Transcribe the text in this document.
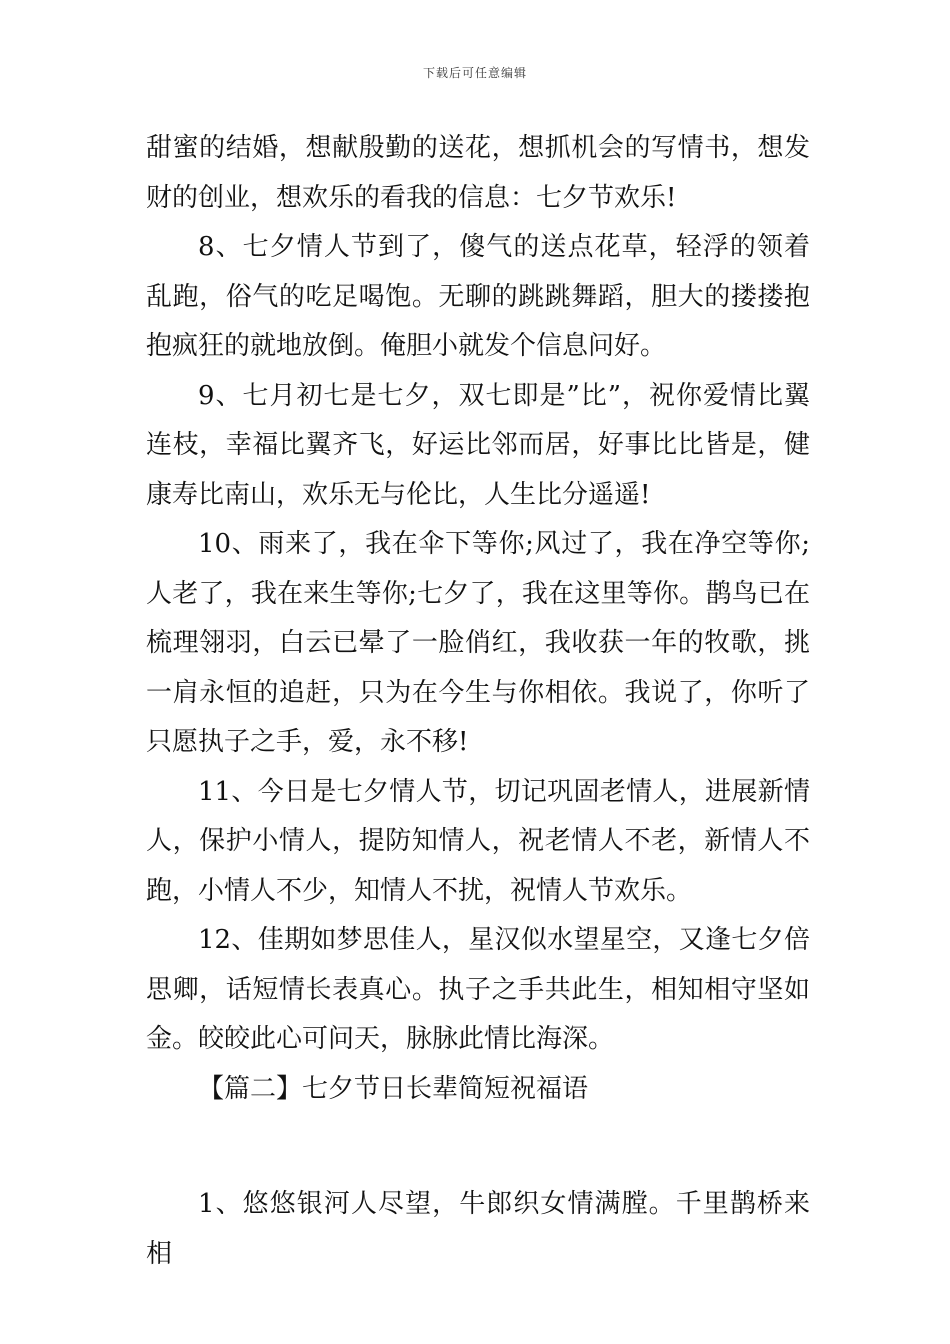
下载后可任意编辑

甜蜜的结婚，想献殷勤的送花，想抓机会的写情书，想发财的创业，想欢乐的看我的信息：七夕节欢乐!

8、七夕情人节到了，傻气的送点花草，轻浮的领着乱跑，俗气的吃足喝饱。无聊的跳跳舞蹈，胆大的搂搂抱抱疯狂的就地放倒。俺胆小就发个信息问好。

9、七月初七是七夕，双七即是”比”，祝你爱情比翼连枝，幸福比翼齐飞，好运比邻而居，好事比比皆是，健康寿比南山，欢乐无与伦比，人生比分遥遥!

10、雨来了，我在伞下等你;风过了，我在净空等你;人老了，我在来生等你;七夕了，我在这里等你。鹊鸟已在梳理翎羽，白云已晕了一脸俏红，我收获一年的牧歌，挑一肩永恒的追赶，只为在今生与你相依。我说了，你听了只愿执子之手，爱，永不移!

11、今日是七夕情人节，切记巩固老情人，进展新情人，保护小情人，提防知情人，祝老情人不老，新情人不跑，小情人不少，知情人不扰，祝情人节欢乐。

12、佳期如梦思佳人，星汉似水望星空，又逢七夕倍思卿，话短情长表真心。执子之手共此生，相知相守坚如金。皎皎此心可问天，脉脉此情比海深。

【篇二】七夕节日长辈简短祝福语

1、悠悠银河人尽望，牛郎织女情满膛。千里鹊桥来相
